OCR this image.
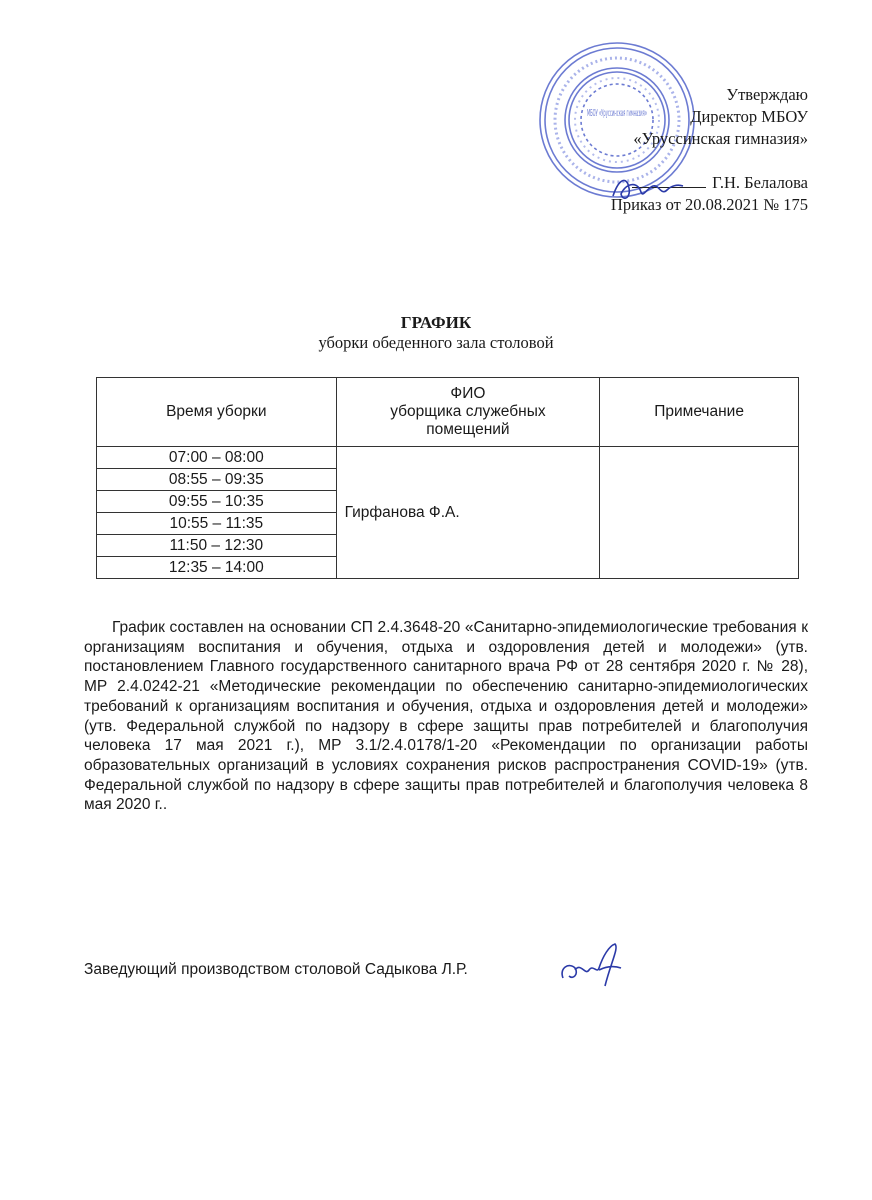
МБОУ «Уруссинская гимназия»
Утверждаю
Директор МБОУ
«Уруссинская гимназия»
Г.Н. Белалова
Приказ от 20.08.2021 № 175
ГРАФИК
уборки обеденного зала столовой
Время уборки	ФИО
уборщика служебных
помещений	Примечание
07:00 – 08:00	Гирфанова Ф.А.	
08:55 – 09:35		
09:55 – 10:35		
10:55 – 11:35		
11:50 – 12:30		
12:35 – 14:00		
График составлен на основании СП 2.4.3648-20 «Санитарно-эпидемиологические требования к организациям воспитания и обучения, отдыха и оздоровления детей и молодежи» (утв. постановлением Главного государственного санитарного врача РФ от 28 сентября 2020 г. № 28), МР 2.4.0242-21 «Методические рекомендации по обеспечению санитарно-эпидемиологических требований к организациям воспитания и обучения, отдыха и оздоровления детей и молодежи» (утв. Федеральной службой по надзору в сфере защиты прав потребителей и благополучия человека 17 мая 2021 г.), МР 3.1/2.4.0178/1-20 «Рекомендации по организации работы образовательных организаций в условиях сохранения рисков распространения COVID-19» (утв. Федеральной службой по надзору в сфере защиты прав потребителей и благополучия человека 8 мая 2020 г..
Заведующий производством столовой Садыкова Л.Р.
